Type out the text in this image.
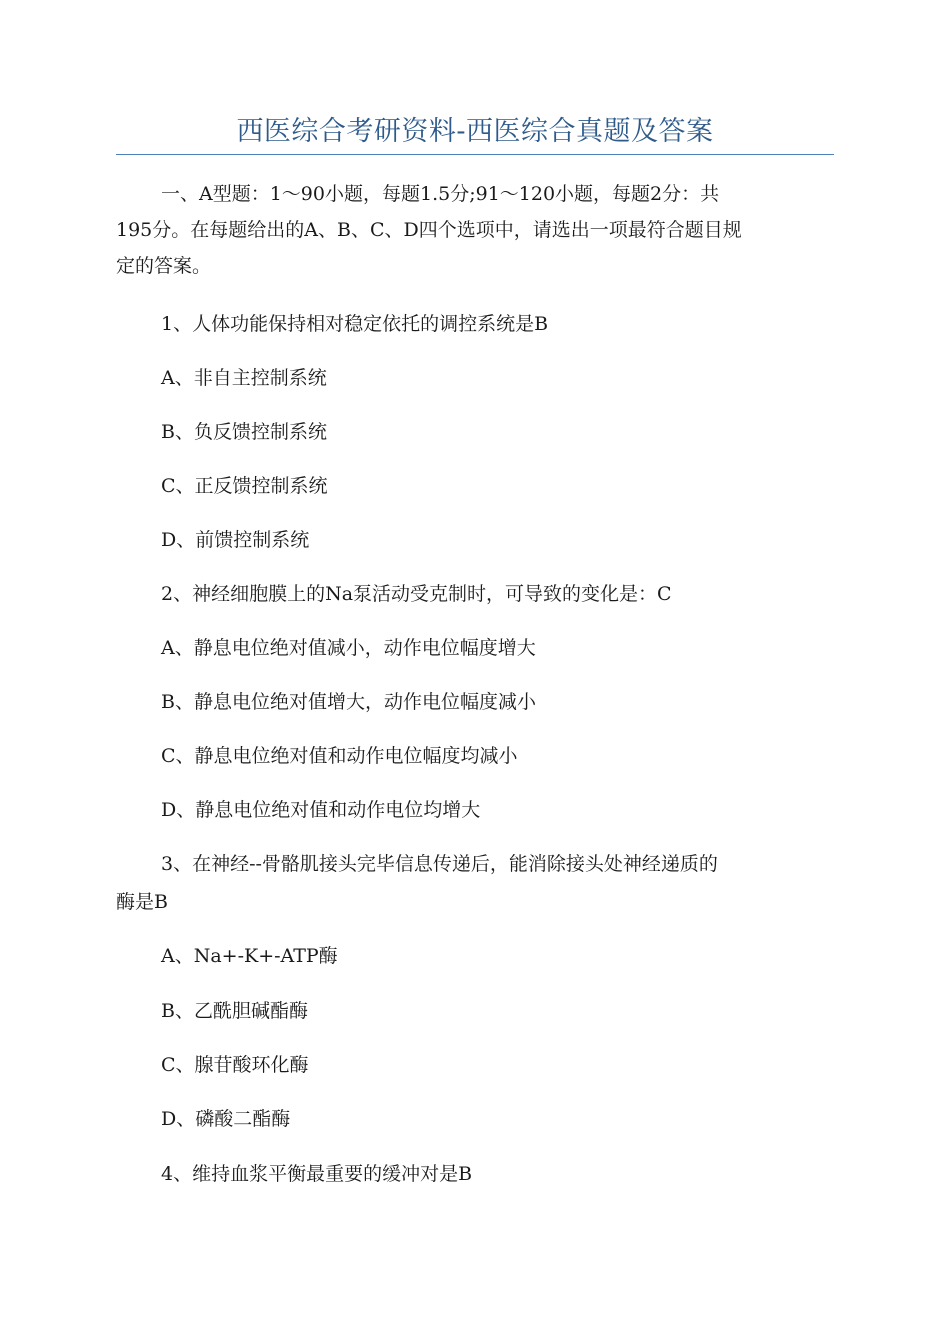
西医综合考研资料-西医综合真题及答案
一、A型题：1～90小题，每题1.5分;91～120小题，每题2分：共
195分。在每题给出的A、B、C、D四个选项中，请选出一项最符合题目规
定的答案。
1、人体功能保持相对稳定依托的调控系统是B
A、非自主控制系统
B、负反馈控制系统
C、正反馈控制系统
D、前馈控制系统
2、神经细胞膜上的Na泵活动受克制时，可导致的变化是：C
A、静息电位绝对值减小，动作电位幅度增大
B、静息电位绝对值增大，动作电位幅度减小
C、静息电位绝对值和动作电位幅度均减小
D、静息电位绝对值和动作电位均增大
3、在神经--骨骼肌接头完毕信息传递后，能消除接头处神经递质的
酶是B
A、Na+-K+-ATP酶
B、乙酰胆碱酯酶
C、腺苷酸环化酶
D、磷酸二酯酶
4、维持血浆平衡最重要的缓冲对是B
